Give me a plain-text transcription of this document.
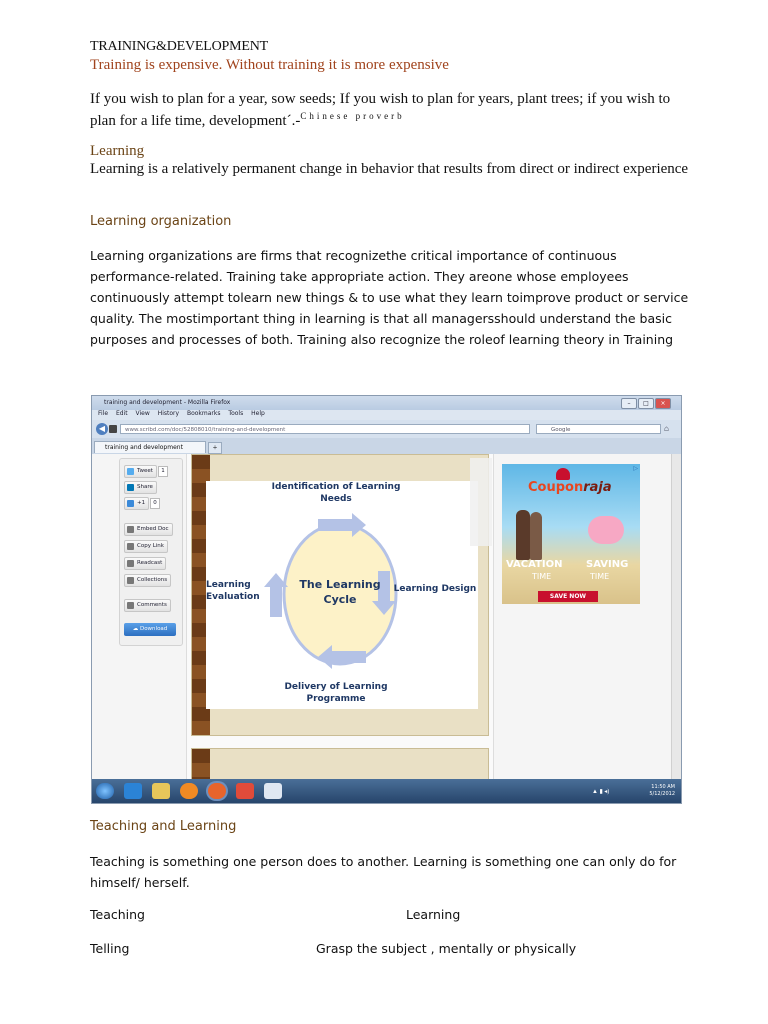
TRAINING&DEVELOPMENT
Training is expensive. Without training it is more expensive
If you wish to plan for a year, sow seeds; If you wish to plan for years, plant trees; if you wish to plan for a life time, development´.-$^{Chinese proverb}$
Learning
Learning is a relatively permanent change in behavior that results from direct or indirect experience
Learning organization
Learning organizations are firms that recognizethe critical importance of continuous performance-related. Training take appropriate action. They areone whose employees continuously attempt tolearn new things & to use what they learn toimprove product or service quality. The mostimportant thing in learning is that all managersshould understand the basic purposes and processes of both. Training also recognize the roleof learning theory in Training
training and development - Mozilla Firefox	–	□	×
File Edit View History Bookmarks Tools Help
◀	www.scribd.com/doc/52808010/training-and-development	Google	⌂
training and development	+
Tweet	1
Share
+1	0
Embed Doc
Copy Link
Readcast
Collections
Comments
☁ Download
Identification of Learning Needs
Learning Design
Delivery of Learning Programme
Learning Evaluation
The Learning Cycle
▷
Couponraja
VACATION
TIME
SAVING
TIME
SAVE NOW
▲ ▮ ◂)
11:50 AM
5/12/2012
Teaching and Learning
Teaching is something one person does to another. Learning is something one can only do for himself/ herself.
Teaching	Learning
Telling	Grasp the subject , mentally or physically
